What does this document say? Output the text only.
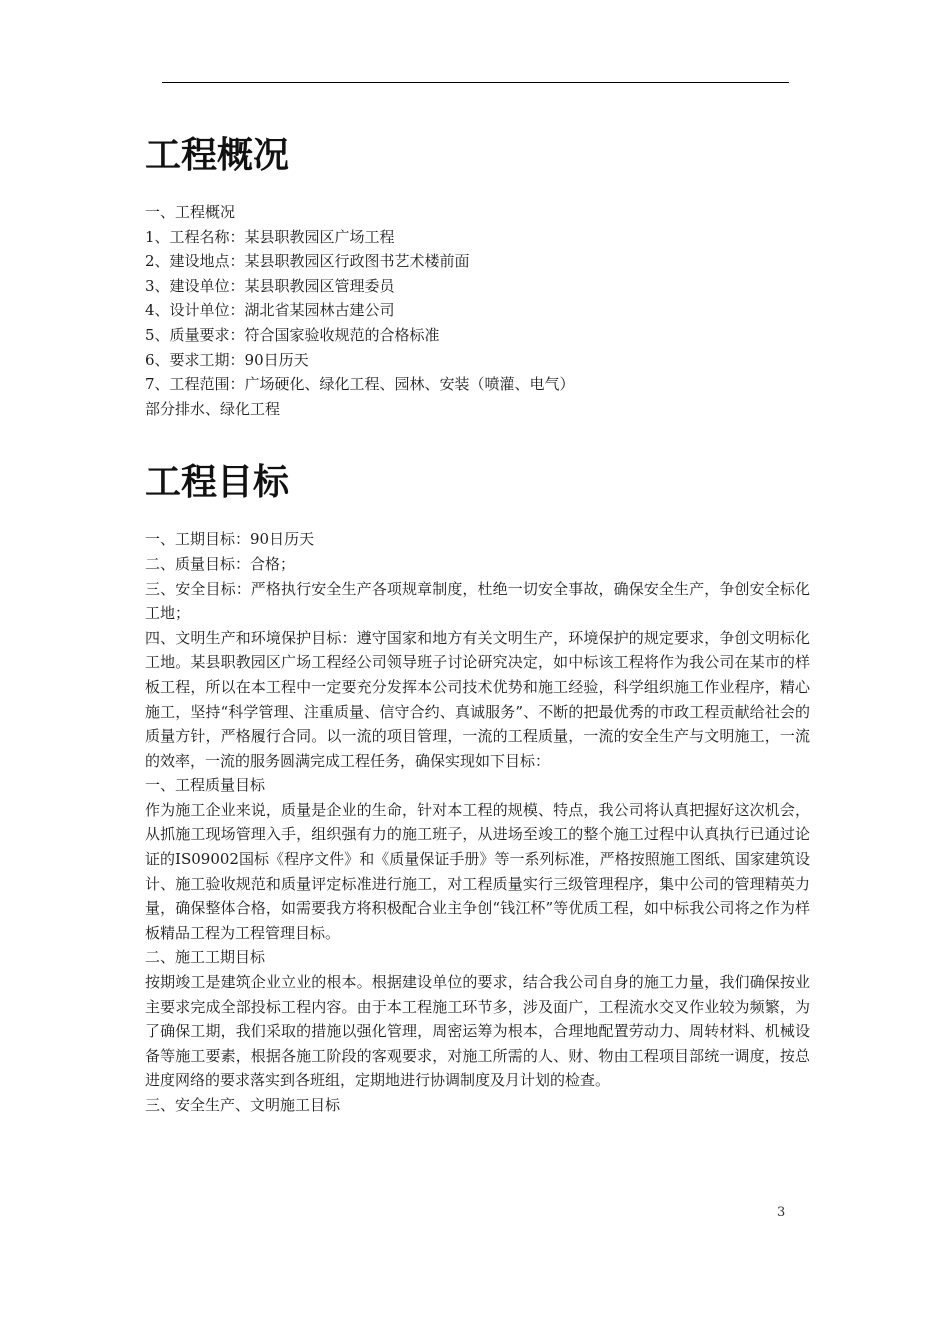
工程概况

一、工程概况

1、工程名称：某县职教园区广场工程

2、建设地点：某县职教园区行政图书艺术楼前面

3、建设单位：某县职教园区管理委员

4、设计单位：湖北省某园林古建公司

5、质量要求：符合国家验收规范的合格标准

6、要求工期：90日历天

7、工程范围：广场硬化、绿化工程、园林、安装（喷灌、电气）

部分排水、绿化工程

工程目标

一、工期目标：90日历天

二、质量目标：合格；

三、安全目标：严格执行安全生产各项规章制度，杜绝一切安全事故，确保安全生产，争创安全标化工地；

四、文明生产和环境保护目标：遵守国家和地方有关文明生产，环境保护的规定要求，争创文明标化工地。某县职教园区广场工程经公司领导班子讨论研究决定，如中标该工程将作为我公司在某市的样板工程，所以在本工程中一定要充分发挥本公司技术优势和施工经验，科学组织施工作业程序，精心施工，坚持“科学管理、注重质量、信守合约、真诚服务”、不断的把最优秀的市政工程贡献给社会的质量方针，严格履行合同。以一流的项目管理，一流的工程质量，一流的安全生产与文明施工，一流的效率，一流的服务圆满完成工程任务，确保实现如下目标：

一、工程质量目标

作为施工企业来说，质量是企业的生命，针对本工程的规模、特点，我公司将认真把握好这次机会，从抓施工现场管理入手，组织强有力的施工班子，从进场至竣工的整个施工过程中认真执行已通过论证的IS09002国标《程序文件》和《质量保证手册》等一系列标准，严格按照施工图纸、国家建筑设计、施工验收规范和质量评定标准进行施工，对工程质量实行三级管理程序，集中公司的管理精英力量，确保整体合格，如需要我方将积极配合业主争创“钱江杯”等优质工程，如中标我公司将之作为样板精品工程为工程管理目标。

二、施工工期目标

按期竣工是建筑企业立业的根本。根据建设单位的要求，结合我公司自身的施工力量，我们确保按业主要求完成全部投标工程内容。由于本工程施工环节多，涉及面广，工程流水交叉作业较为频繁，为了确保工期，我们采取的措施以强化管理，周密运筹为根本，合理地配置劳动力、周转材料、机械设备等施工要素，根据各施工阶段的客观要求，对施工所需的人、财、物由工程项目部统一调度，按总进度网络的要求落实到各班组，定期地进行协调制度及月计划的检查。

三、安全生产、文明施工目标

3
